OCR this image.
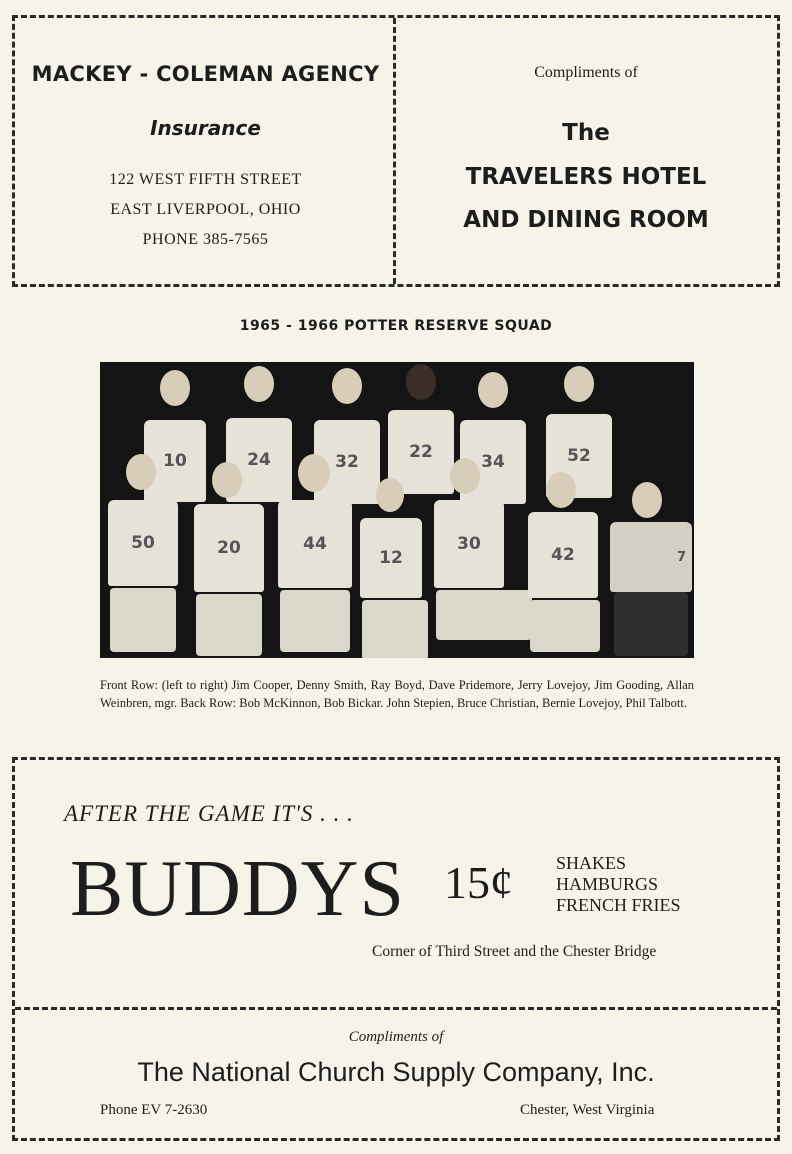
MACKEY - COLEMAN AGENCY
Insurance
122 WEST FIFTH STREET
EAST LIVERPOOL, OHIO
PHONE 385-7565
Compliments of
The
TRAVELERS HOTEL
AND DINING ROOM
1965 - 1966 POTTER RESERVE SQUAD
10	24	32	22	34	52
50	20	44
12
30
42	7
Front Row: (left to right) Jim Cooper, Denny Smith, Ray Boyd, Dave Pridemore, Jerry Lovejoy, Jim Gooding, Allan Weinbren, mgr. Back Row: Bob McKinnon, Bob Bickar. John Stepien, Bruce Christian, Bernie Lovejoy, Phil Talbott.
AFTER THE GAME IT'S . . .
BUDDYS 15¢ SHAKES
HAMBURGS
FRENCH FRIES
Corner of Third Street and the Chester Bridge
Compliments of
The National Church Supply Company, Inc.
Phone EV 7-2630	Chester, West Virginia
